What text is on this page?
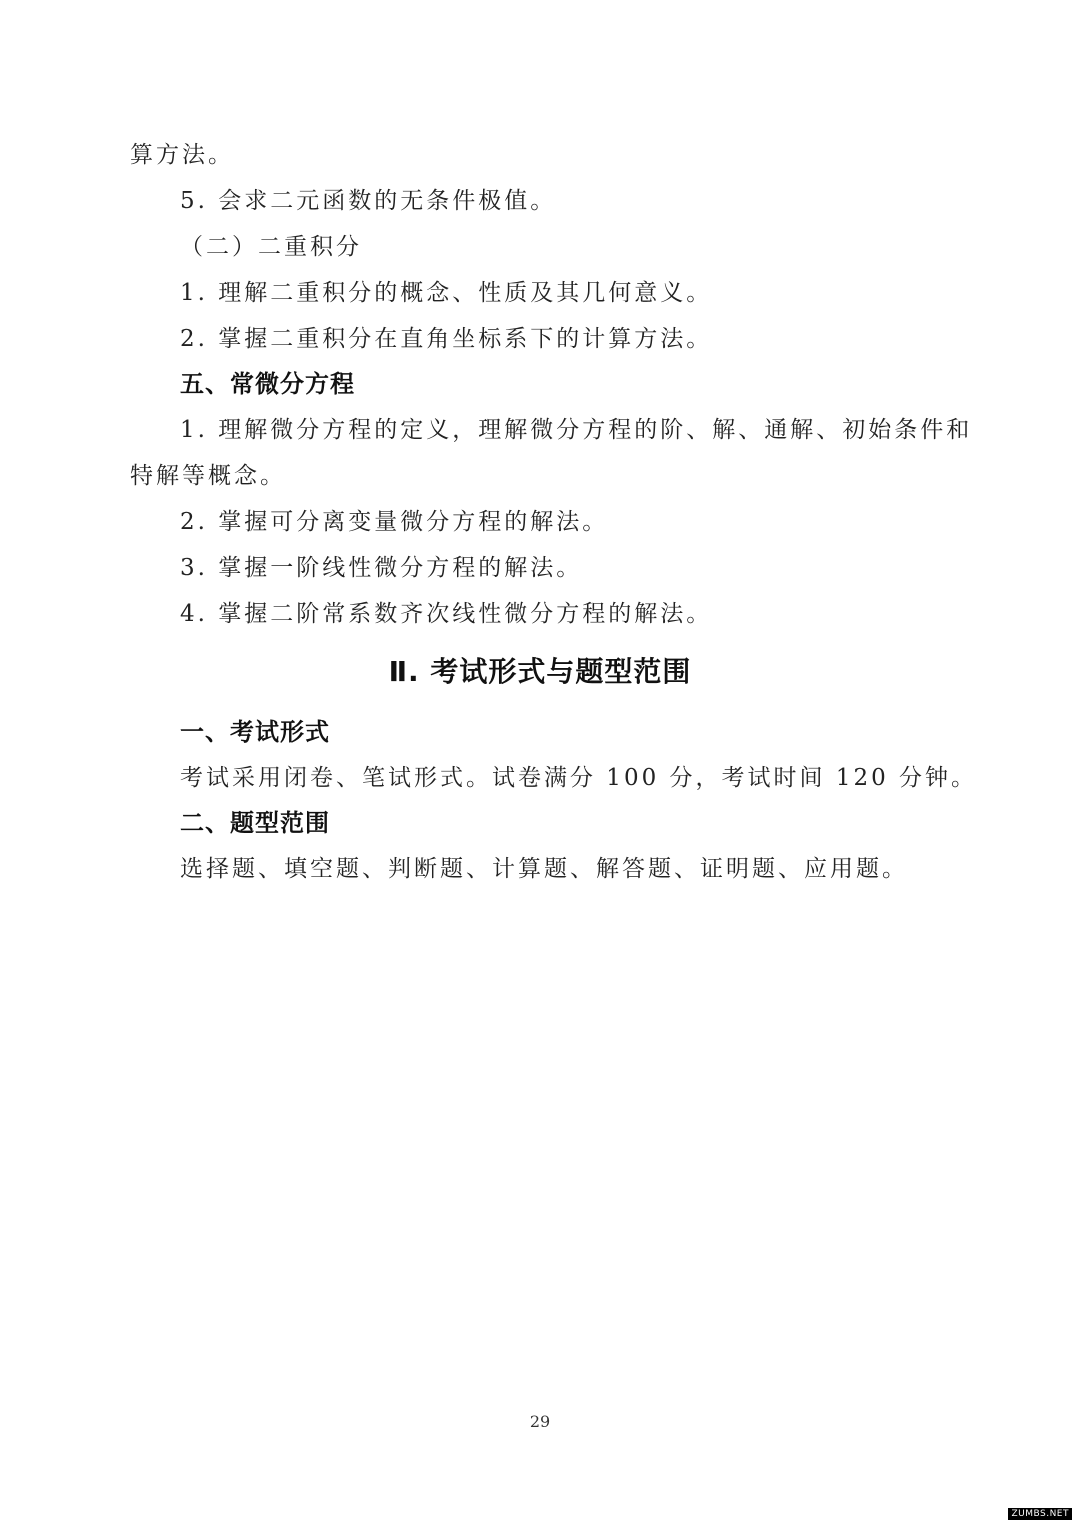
算方法。
5. 会求二元函数的无条件极值。
（二）二重积分
1. 理解二重积分的概念、性质及其几何意义。
2. 掌握二重积分在直角坐标系下的计算方法。
五、常微分方程
1. 理解微分方程的定义，理解微分方程的阶、解、通解、初始条件和
特解等概念。
2. 掌握可分离变量微分方程的解法。
3. 掌握一阶线性微分方程的解法。
4. 掌握二阶常系数齐次线性微分方程的解法。
Ⅱ. 考试形式与题型范围
一、考试形式
考试采用闭卷、笔试形式。试卷满分 100 分，考试时间 120 分钟。
二、题型范围
选择题、填空题、判断题、计算题、解答题、证明题、应用题。
29
ZUMBS.NET
